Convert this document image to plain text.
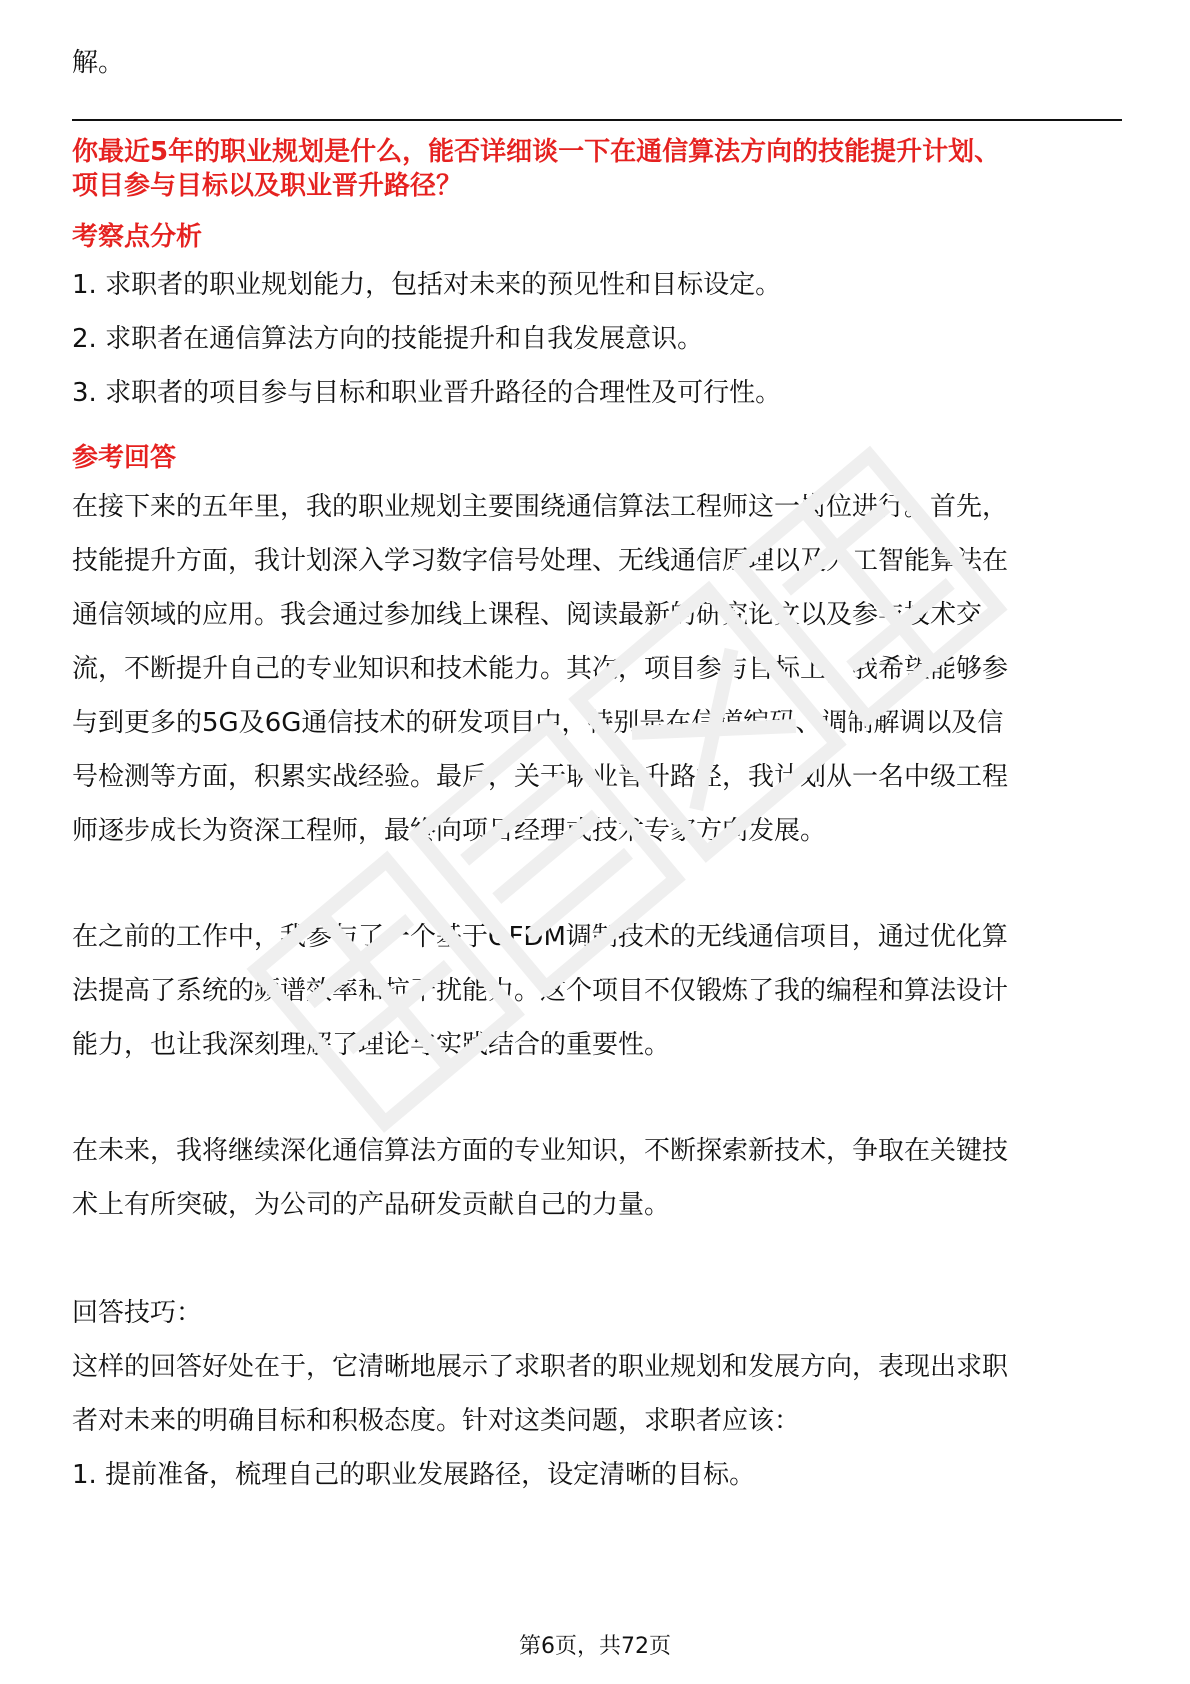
解。
你最近5年的职业规划是什么，能否详细谈一下在通信算法方向的技能提升计划、
项目参与目标以及职业晋升路径？
考察点分析
1. 求职者的职业规划能力，包括对未来的预见性和目标设定。
2. 求职者在通信算法方向的技能提升和自我发展意识。
3. 求职者的项目参与目标和职业晋升路径的合理性及可行性。
参考回答
在接下来的五年里，我的职业规划主要围绕通信算法工程师这一岗位进行。首先，
技能提升方面，我计划深入学习数字信号处理、无线通信原理以及人工智能算法在
通信领域的应用。我会通过参加线上课程、阅读最新的研究论文以及参与技术交
流，不断提升自己的专业知识和技术能力。其次，项目参与目标上，我希望能够参
与到更多的5G及6G通信技术的研发项目中，特别是在信道编码、调制解调以及信
号检测等方面，积累实战经验。最后，关于职业晋升路径，我计划从一名中级工程
师逐步成长为资深工程师，最终向项目经理或技术专家方向发展。
在之前的工作中，我参与了一个基于OFDM调制技术的无线通信项目，通过优化算
法提高了系统的频谱效率和抗干扰能力。这个项目不仅锻炼了我的编程和算法设计
能力，也让我深刻理解了理论与实践结合的重要性。
在未来，我将继续深化通信算法方面的专业知识，不断探索新技术，争取在关键技
术上有所突破，为公司的产品研发贡献自己的力量。
回答技巧：
这样的回答好处在于，它清晰地展示了求职者的职业规划和发展方向，表现出求职
者对未来的明确目标和积极态度。针对这类问题，求职者应该：
1. 提前准备，梳理自己的职业发展路径，设定清晰的目标。
第6页，共72页
